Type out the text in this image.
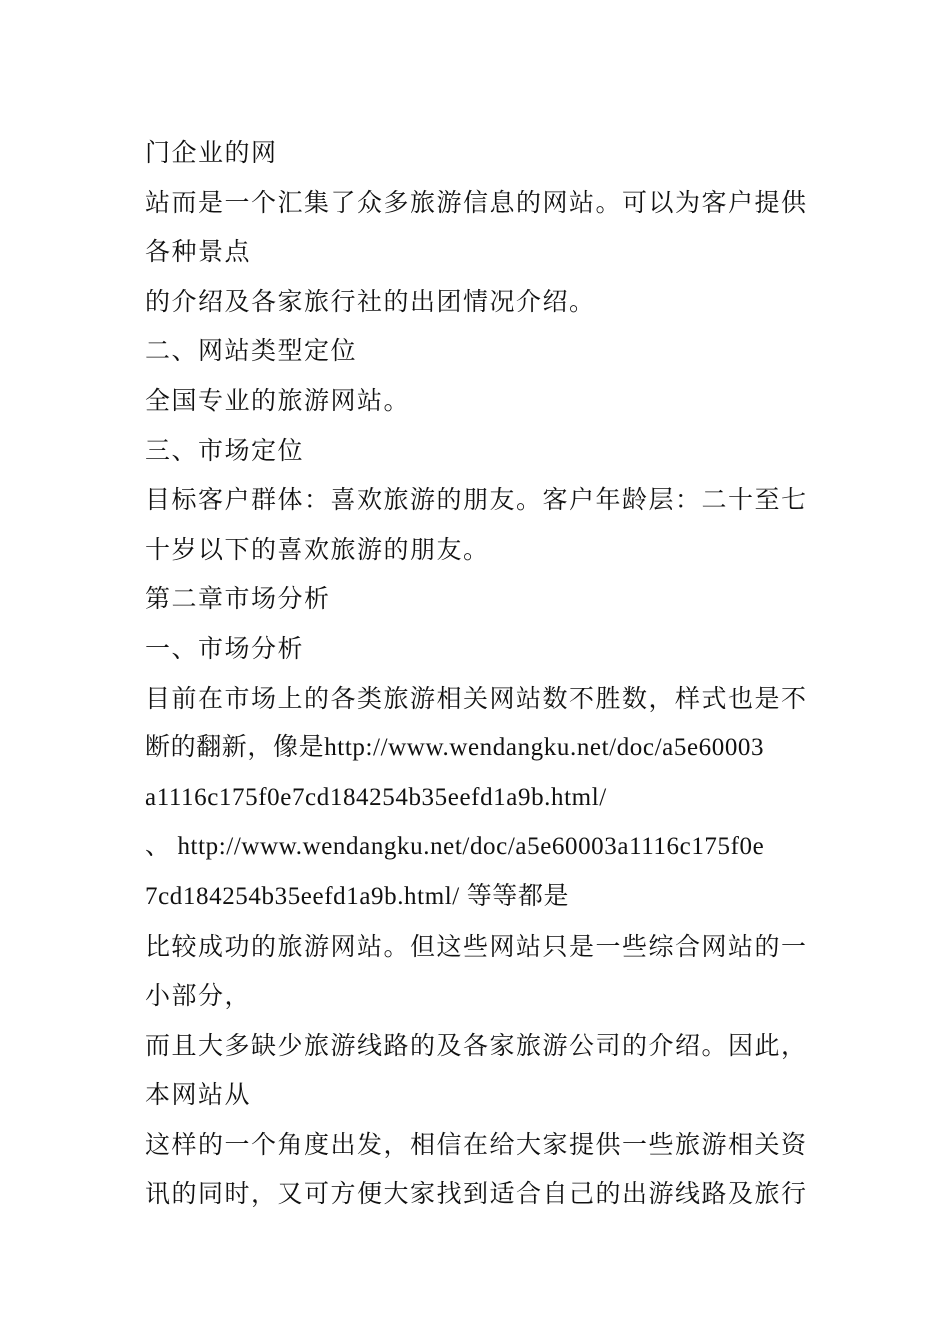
门企业的网
站而是一个汇集了众多旅游信息的网站。可以为客户提供
各种景点
的介绍及各家旅行社的出团情况介绍。
二、网站类型定位
全国专业的旅游网站。
三、市场定位
目标客户群体：喜欢旅游的朋友。客户年龄层：二十至七
十岁以下的喜欢旅游的朋友。
第二章市场分析
一、市场分析
目前在市场上的各类旅游相关网站数不胜数，样式也是不
断的翻新，像是http://www.wendangku.net/doc/a5e60003
a1116c175f0e7cd184254b35eefd1a9b.html/
、 http://www.wendangku.net/doc/a5e60003a1116c175f0e
7cd184254b35eefd1a9b.html/ 等等都是
比较成功的旅游网站。但这些网站只是一些综合网站的一
小部分，
而且大多缺少旅游线路的及各家旅游公司的介绍。因此，
本网站从
这样的一个角度出发，相信在给大家提供一些旅游相关资
讯的同时，又可方便大家找到适合自己的出游线路及旅行
